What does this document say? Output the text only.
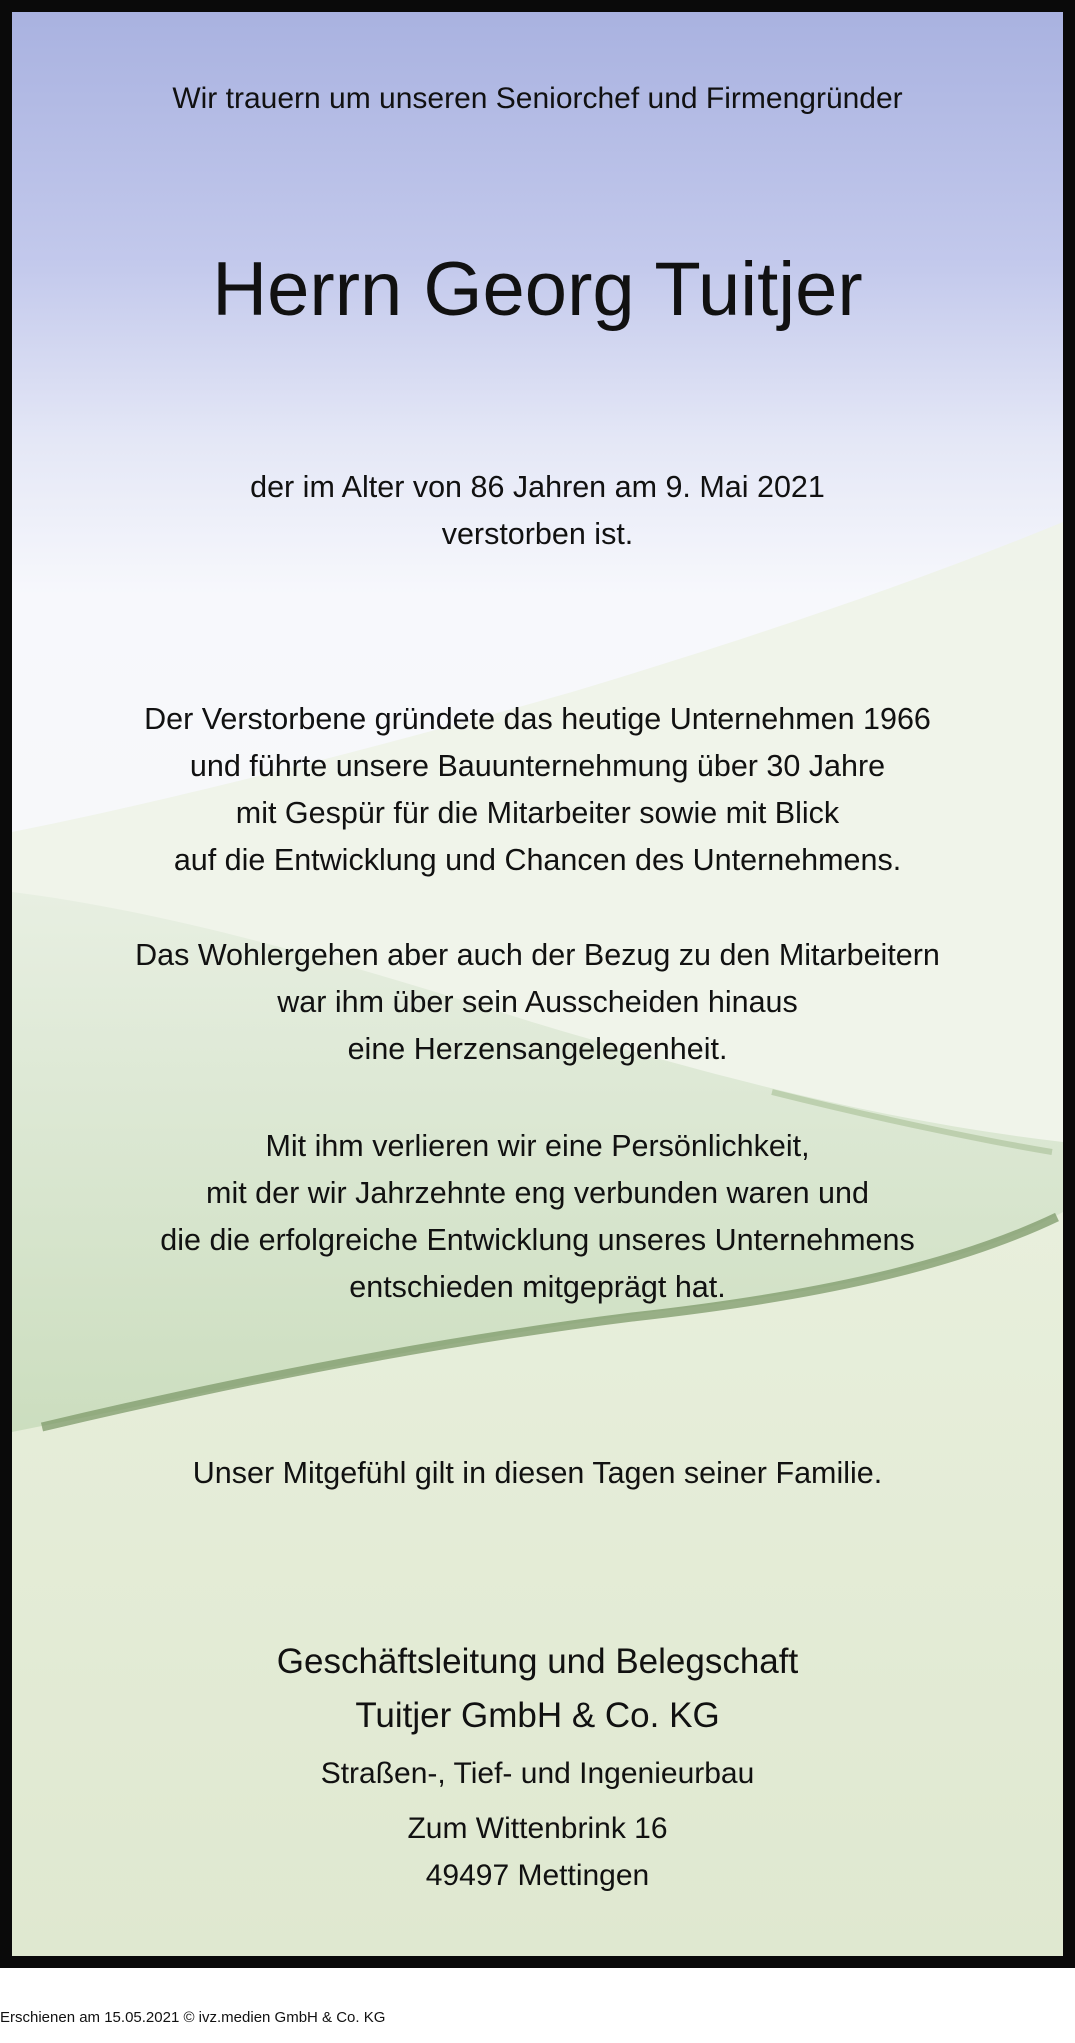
Wir trauern um unseren Seniorchef und Firmengründer
Herrn Georg Tuitjer
der im Alter von 86 Jahren am 9. Mai 2021
verstorben ist.
Der Verstorbene gründete das heutige Unternehmen 1966
und führte unsere Bauunternehmung über 30 Jahre
mit Gespür für die Mitarbeiter sowie mit Blick
auf die Entwicklung und Chancen des Unternehmens.
Das Wohlergehen aber auch der Bezug zu den Mitarbeitern
war ihm über sein Ausscheiden hinaus
eine Herzensangelegenheit.
Mit ihm verlieren wir eine Persönlichkeit,
mit der wir Jahrzehnte eng verbunden waren und
die die erfolgreiche Entwicklung unseres Unternehmens
entschieden mitgeprägt hat.
Unser Mitgefühl gilt in diesen Tagen seiner Familie.
Geschäftsleitung und Belegschaft
Tuitjer GmbH & Co. KG
Straßen-, Tief- und Ingenieurbau
Zum Wittenbrink 16
49497 Mettingen
Erschienen am 15.05.2021 © ivz.medien GmbH & Co. KG
